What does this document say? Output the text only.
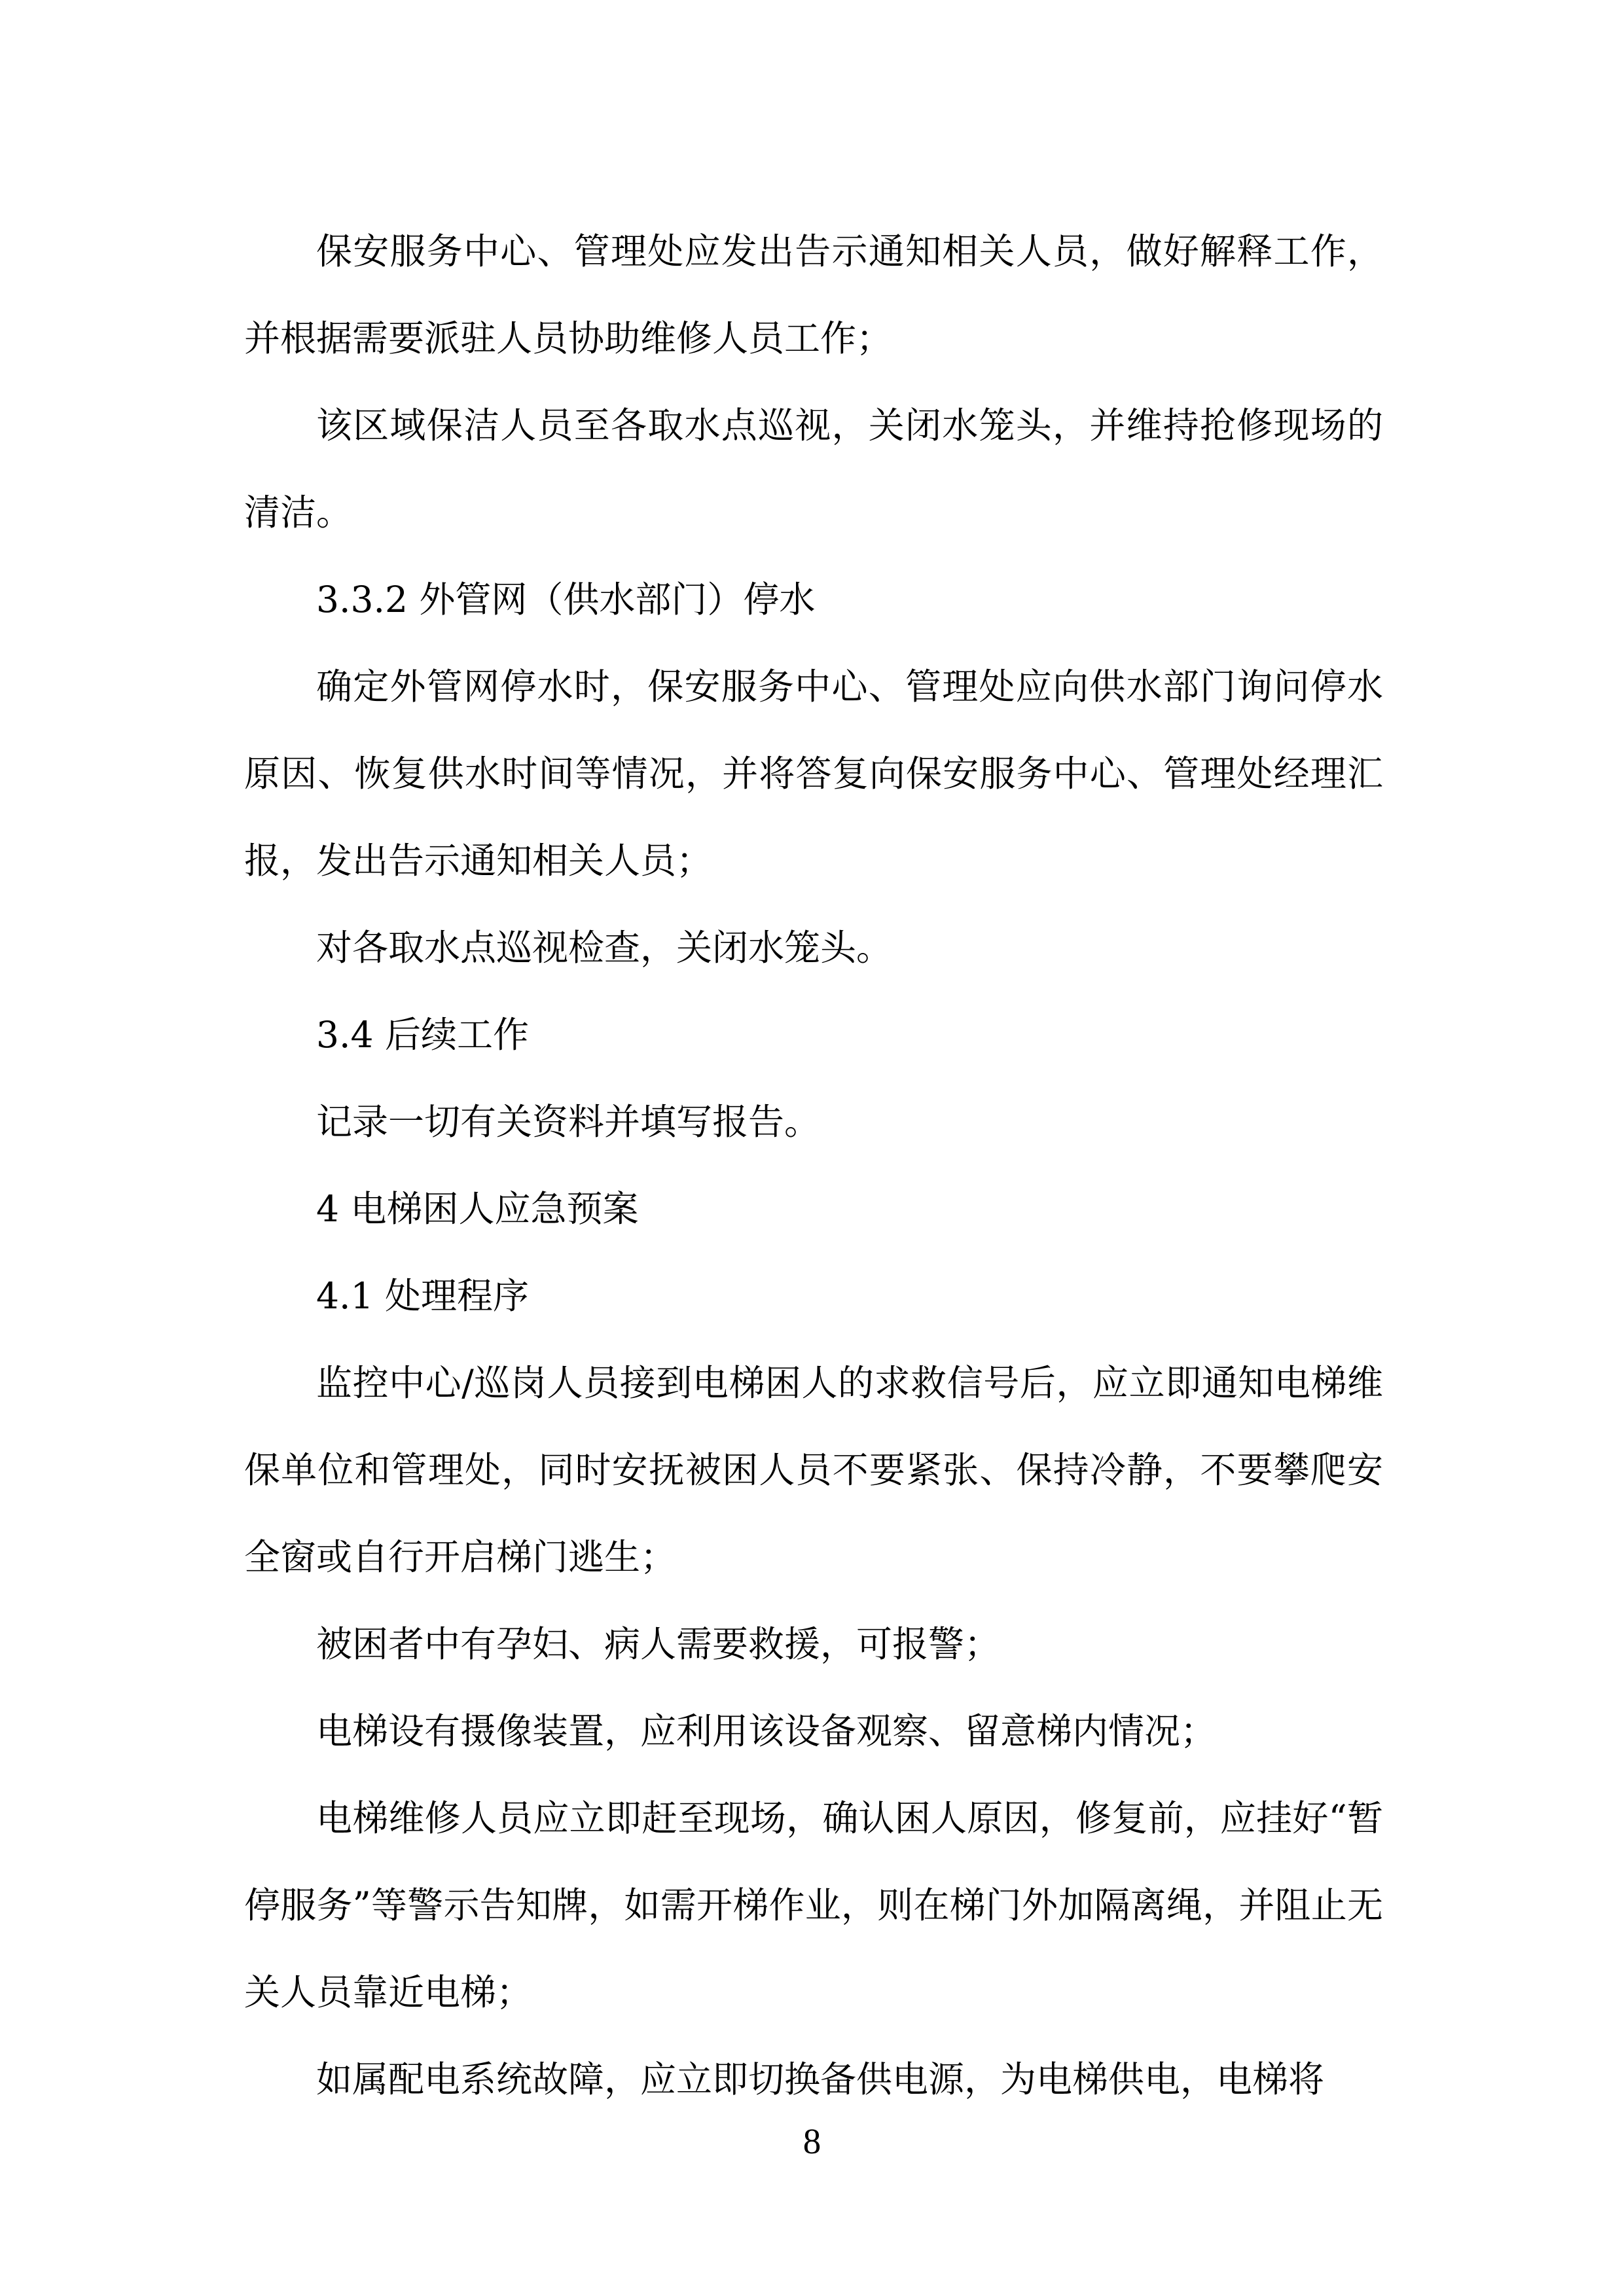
保安服务中心、管理处应发出告示通知相关人员，做好解释工作，并根据需要派驻人员协助维修人员工作；

该区域保洁人员至各取水点巡视，关闭水笼头，并维持抢修现场的清洁。

3.3.2 外管网（供水部门）停水

确定外管网停水时，保安服务中心、管理处应向供水部门询问停水原因、恢复供水时间等情况，并将答复向保安服务中心、管理处经理汇报，发出告示通知相关人员；

对各取水点巡视检查，关闭水笼头。

3.4 后续工作

记录一切有关资料并填写报告。

4 电梯困人应急预案

4.1 处理程序

监控中心/巡岗人员接到电梯困人的求救信号后，应立即通知电梯维保单位和管理处，同时安抚被困人员不要紧张、保持冷静，不要攀爬安全窗或自行开启梯门逃生；

被困者中有孕妇、病人需要救援，可报警；

电梯设有摄像装置，应利用该设备观察、留意梯内情况；

电梯维修人员应立即赶至现场，确认困人原因，修复前，应挂好“暂停服务”等警示告知牌，如需开梯作业，则在梯门外加隔离绳，并阻止无关人员靠近电梯；

如属配电系统故障，应立即切换备供电源，为电梯供电，电梯将

8
